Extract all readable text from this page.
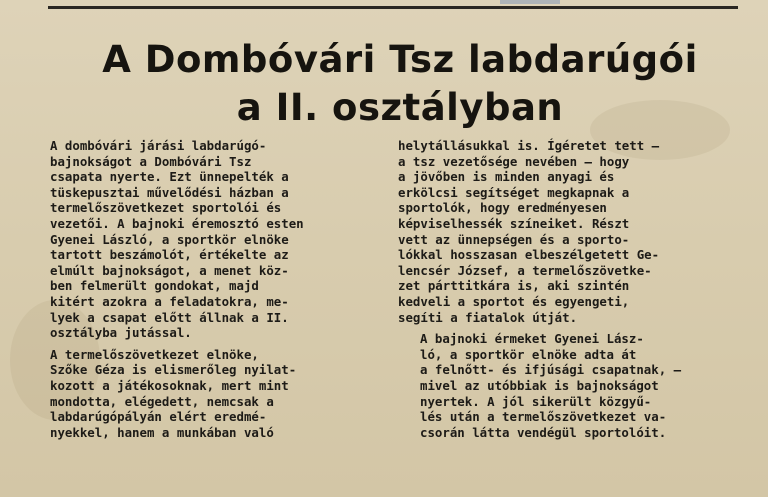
A Dombóvári Tsz labdarúgói
a II. osztályban

A dombóvári járási labdarúgó-
bajnokságot a Dombóvári Tsz
csapata nyerte. Ezt ünnepelték a
tüskepusztai művelődési házban a
termelőszövetkezet sportolói és
vezetői. A bajnoki éremosztó esten
Gyenei László, a sportkör elnöke
tartott beszámolót, értékelte az
elmúlt bajnokságot, a menet köz-
ben felmerült gondokat, majd
kitért azokra a feladatokra, me-
lyek a csapat előtt állnak a II.
osztályba jutással.

A termelőszövetkezet elnöke,
Szőke Géza is elismerőleg nyilat-
kozott a játékosoknak, mert mint
mondotta, elégedett, nemcsak a
labdarúgópályán elért eredmé-
nyekkel, hanem a munkában való

helytállásukkal is. Ígéretet tett —
a tsz vezetősége nevében — hogy
a jövőben is minden anyagi és
erkölcsi segítséget megkapnak a
sportolók, hogy eredményesen
képviselhessék színeiket. Részt
vett az ünnepségen és a sporto-
lókkal hosszasan elbeszélgetett Ge-
lencsér József, a termelőszövetke-
zet párttitkára is, aki szintén
kedveli a sportot és egyengeti,
segíti a fiatalok útját.

A bajnoki érmeket Gyenei Lász-
ló, a sportkör elnöke adta át
a felnőtt- és ifjúsági csapatnak, —
mivel az utóbbiak is bajnokságot
nyertek. A jól sikerült közgyű-
lés után a termelőszövetkezet va-
csorán látta vendégül sportolóit.
